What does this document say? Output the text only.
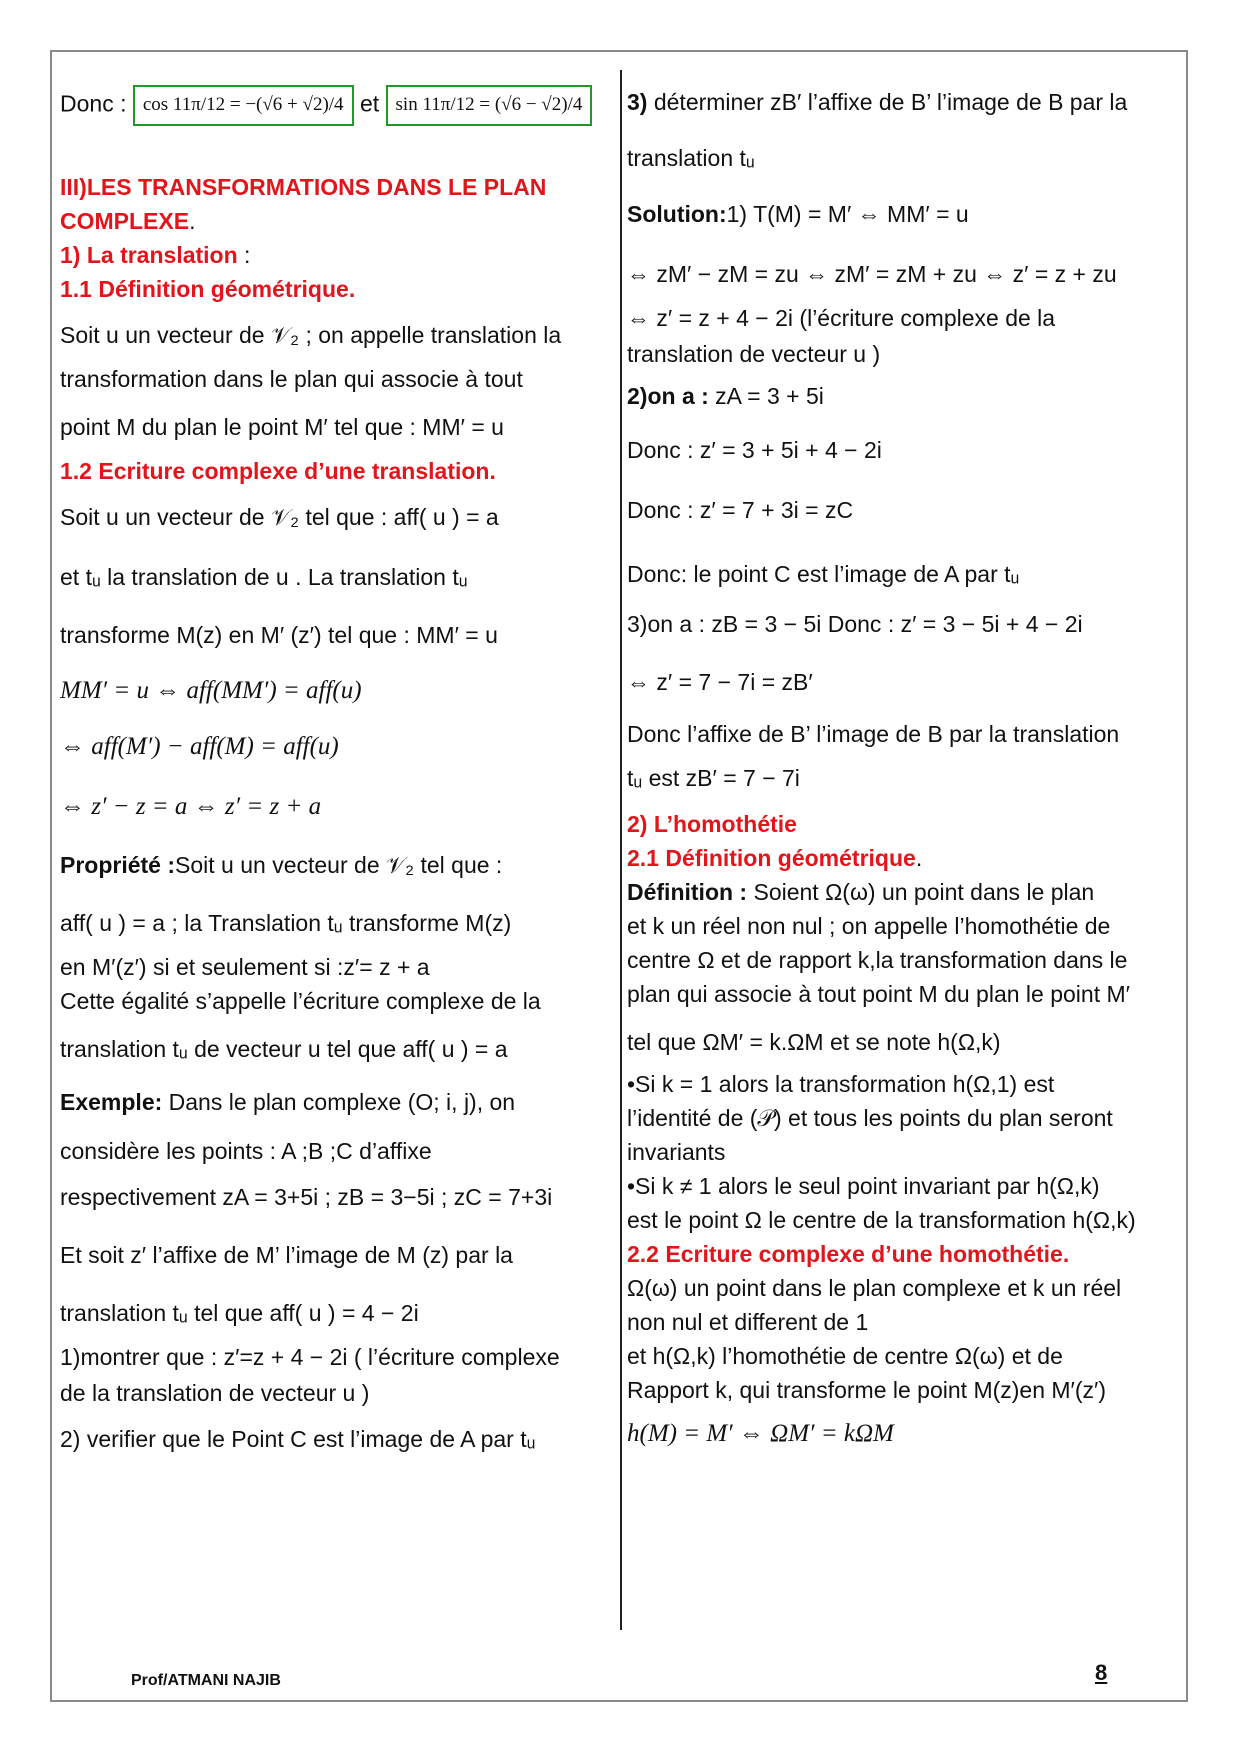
Donc : cos 11π/12 = −(√6 + √2)/4 et sin 11π/12 = (√6 − √2)/4
III)LES TRANSFORMATIONS DANS LE PLAN
COMPLEXE.
1) La translation :
1.1 Définition géométrique.
Soit u un vecteur de 𝒱₂ ; on appelle translation la
transformation dans le plan qui associe à tout
point M du plan le point M′ tel que : MM′ = u
1.2 Ecriture complexe d’une translation.
Soit u un vecteur de 𝒱₂ tel que : aff( u ) = a
et tᵤ la translation de u . La translation tᵤ
transforme M(z) en M′ (z′) tel que : MM′ = u
MM′ = u ⇔ aff(MM′) = aff(u)
⇔ aff(M′) − aff(M) = aff(u)
⇔ z′ − z = a ⇔ z′ = z + a
Propriété :Soit u un vecteur de 𝒱₂ tel que :
aff( u ) = a ; la Translation tᵤ transforme M(z)
en M′(z′) si et seulement si :z′= z + a
Cette égalité s’appelle l’écriture complexe de la
translation tᵤ de vecteur u tel que aff( u ) = a
Exemple: Dans le plan complexe (O; i, j), on
considère les points : A ;B ;C d’affixe
respectivement zA = 3+5i ; zB = 3−5i ; zC = 7+3i
Et soit z′ l’affixe de M’ l’image de M (z) par la
translation tᵤ tel que aff( u ) = 4 − 2i
1)montrer que : z′=z + 4 − 2i ( l’écriture complexe
de la translation de vecteur u )
2) verifier que le Point C est l’image de A par tᵤ
3) déterminer zB′ l’affixe de B’ l’image de B par la
translation tᵤ
Solution:1) T(M) = M′ ⇔ MM′ = u
⇔ zM′ − zM = zu ⇔ zM′ = zM + zu ⇔ z′ = z + zu
⇔ z′ = z + 4 − 2i (l’écriture complexe de la
translation de vecteur u )
2)on a : zA = 3 + 5i
Donc : z′ = 3 + 5i + 4 − 2i
Donc : z′ = 7 + 3i = zC
Donc: le point C est l’image de A par tᵤ
3)on a : zB = 3 − 5i Donc : z′ = 3 − 5i + 4 − 2i
⇔ z′ = 7 − 7i = zB′
Donc l’affixe de B’ l’image de B par la translation
tᵤ est zB′ = 7 − 7i
2) L’homothétie
2.1 Définition géométrique.
Définition : Soient Ω(ω) un point dans le plan
et k un réel non nul ; on appelle l’homothétie de
centre Ω et de rapport k,la transformation dans le
plan qui associe à tout point M du plan le point M′
tel que ΩM′ = k.ΩM et se note h(Ω,k)
•Si k = 1 alors la transformation h(Ω,1) est
l’identité de (𝒫) et tous les points du plan seront
invariants
•Si k ≠ 1 alors le seul point invariant par h(Ω,k)
est le point Ω le centre de la transformation h(Ω,k)
2.2 Ecriture complexe d’une homothétie.
Ω(ω) un point dans le plan complexe et k un réel
non nul et different de 1
et h(Ω,k) l’homothétie de centre Ω(ω) et de
Rapport k, qui transforme le point M(z)en M′(z′)
h(M) = M′ ⇔ ΩM′ = kΩM
Prof/ATMANI NAJIB	8
